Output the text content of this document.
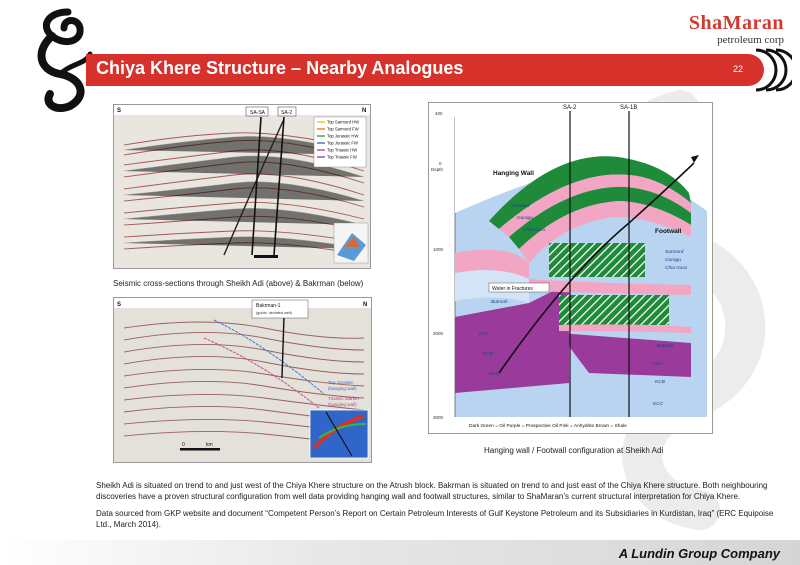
ShaMaran
petroleum corp
Chiya Khere Structure – Nearby Analogues	22
SA-SA	SA-2
S	N
Top Sarmord HW
Top Sarmord FW
Top Jurassic HW
Top Jurassic FW
Top Triassic HW
Top Triassic FW
Seismic cross-sections through Sheikh Adi (above) & Bakrman (below)
Bakrman-1
(guide, deviated well)
S	N
Top Jurassic
(hanging wall)
Triassic Marker
(hanging wall)
0	km
400
Depth
0
1000
2000
3000
SA-2	SA-1B
Hanging Wall
Footwall
Water in Fractures
Sarmord
Garagu
Chia Gara
Butmah
KCA
KCB
KCC
Sarmord
Garagu
Chia Gara
Butmah
KCA
KCB
KCC
Dark Green = Oil Purple = Prospective Oil Pink = Anhydrite Brown = Shale
Hanging wall / Footwall configuration at Sheikh Adi
Sheikh Adi is situated on trend to and just west of the Chiya Khere structure on the Atrush block. Bakrman is situated on trend to and just east of the Chiya Khere structure. Both neighbouring discoveries have a proven structural configuration from well data providing hanging wall and footwall structures, similar to ShaMaran’s current structural interpretation for Chiya Khere.
Data sourced from GKP website and document “Competent Person’s Report on Certain Petroleum Interests of Gulf Keystone Petroleum and its Subsidiaries in Kurdistan, Iraq” (ERC Equipoise Ltd., March 2014).
A Lundin Group Company
